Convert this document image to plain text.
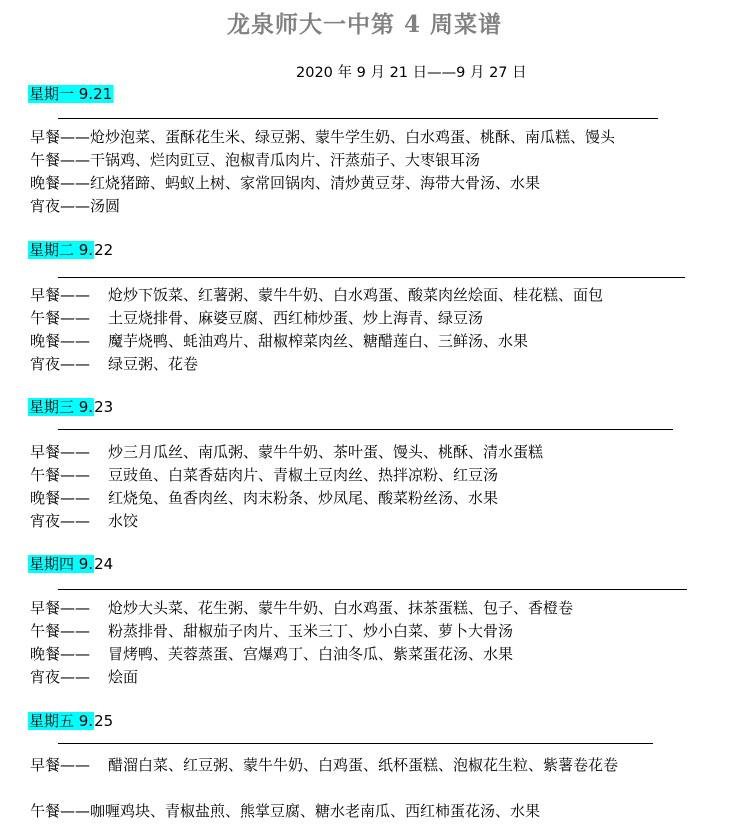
龙泉师大一中第 4 周菜谱
2020 年 9 月 21 日——9 月 27 日
星期一 9.21
早餐——炝炒泡菜、蛋酥花生米、绿豆粥、蒙牛学生奶、白水鸡蛋、桃酥、南瓜糕、馒头
午餐——干锅鸡、烂肉豇豆、泡椒青瓜肉片、汗蒸茄子、大枣银耳汤
晚餐——红烧猪蹄、蚂蚁上树、家常回锅肉、清炒黄豆芽、海带大骨汤、水果
宵夜——汤圆
星期二 9.22
早餐—— 炝炒下饭菜、红薯粥、蒙牛牛奶、白水鸡蛋、酸菜肉丝烩面、桂花糕、面包
午餐—— 土豆烧排骨、麻婆豆腐、西红柿炒蛋、炒上海青、绿豆汤
晚餐—— 魔芋烧鸭、蚝油鸡片、甜椒榨菜肉丝、糖醋莲白、三鲜汤、水果
宵夜—— 绿豆粥、花卷
星期三 9.23
早餐—— 炒三月瓜丝、南瓜粥、蒙牛牛奶、茶叶蛋、馒头、桃酥、清水蛋糕
午餐—— 豆豉鱼、白菜香菇肉片、青椒土豆肉丝、热拌凉粉、红豆汤
晚餐—— 红烧兔、鱼香肉丝、肉末粉条、炒凤尾、酸菜粉丝汤、水果
宵夜—— 水饺
星期四 9.24
早餐—— 炝炒大头菜、花生粥、蒙牛牛奶、白水鸡蛋、抹茶蛋糕、包子、香橙卷
午餐—— 粉蒸排骨、甜椒茄子肉片、玉米三丁、炒小白菜、萝卜大骨汤
晚餐—— 冒烤鸭、芙蓉蒸蛋、宫爆鸡丁、白油冬瓜、紫菜蛋花汤、水果
宵夜—— 烩面
星期五 9.25
早餐—— 醋溜白菜、红豆粥、蒙牛牛奶、白鸡蛋、纸杯蛋糕、泡椒花生粒、紫薯卷花卷
午餐——咖喱鸡块、青椒盐煎、熊掌豆腐、糖水老南瓜、西红柿蛋花汤、水果
